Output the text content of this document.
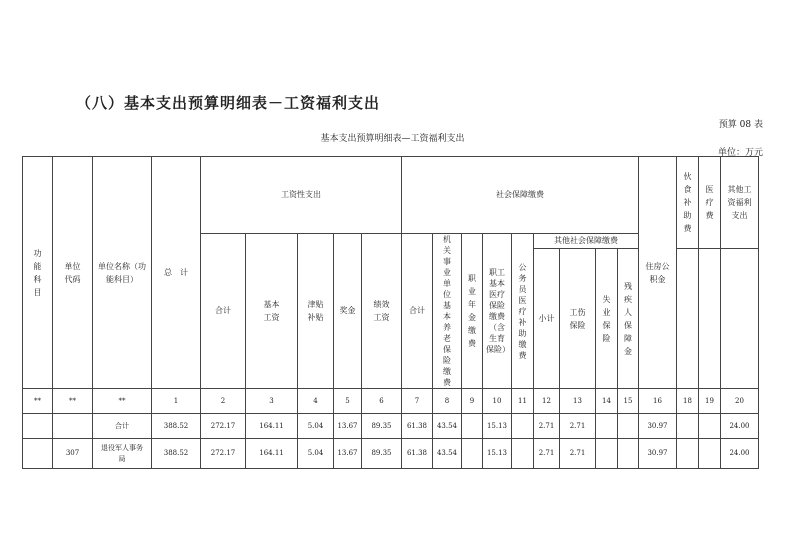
（八）基本支出预算明细表－工资福利支出
预算 08 表
基本支出预算明细表—工资福利支出
单位：万元
功能科目	单位代码	单位名称（功能科目）	总　计	工资性支出					社会保障缴费									住房公积金	伙食补助费	医疗费	其他工资福利支出
				合计	基本工资	津贴补贴	奖金	绩效工资	合计	机关事业单位基本养老保险缴费	职业年金缴费	职工基本医疗保险缴费（含生育保险）	公务员医疗补助缴费	其他社会保障缴费							
														小计	工伤保险	失业保险	残疾人保障金				
**	**	**	1	2	3	4	5	6	7	8	9	10	11	12	13	14	15	16	18	19	20
		合计	388.52	272.17	164.11	5.04	13.67	89.35	61.38	43.54		15.13		2.71	2.71			30.97			24.00
	307	退役军人事务局	388.52	272.17	164.11	5.04	13.67	89.35	61.38	43.54		15.13		2.71	2.71			30.97			24.00
